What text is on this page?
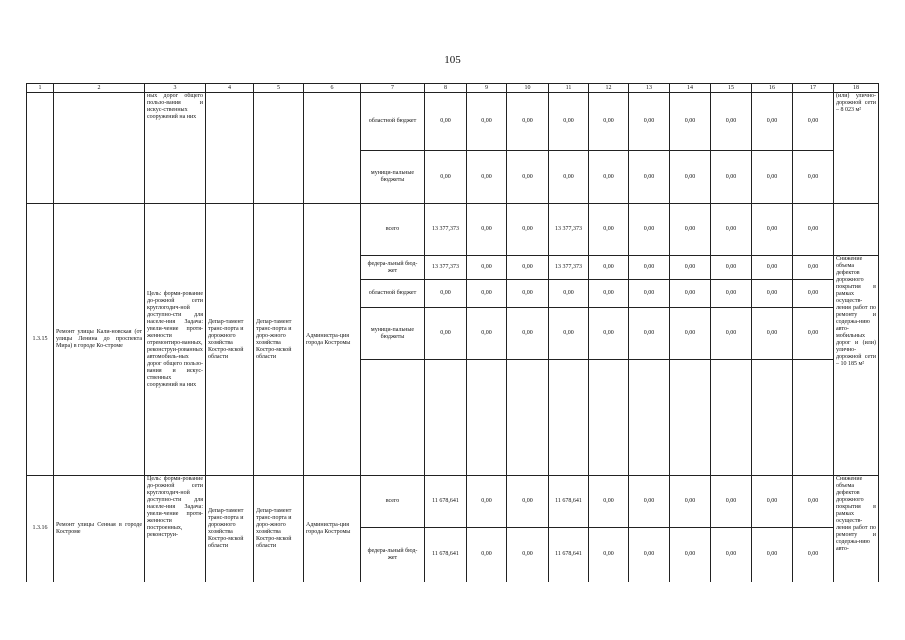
105
1	2	3	4	5	6	7	8	9	10	11	12	13	14	15	16	17	18
		ных дорог общего пользо-вания и искус-ственных сооружений на них				областной бюджет	0,00	0,00	0,00	0,00	0,00	0,00	0,00	0,00	0,00	0,00	(или) улично-дорожной сети – 8 023 м²
						муници-пальные бюджеты	0,00	0,00	0,00	0,00	0,00	0,00	0,00	0,00	0,00	0,00	
1.3.15	Ремонт улицы Кали-новская (от улицы Ленина до проспекта Мира) в городе Ко-строме	Цель: форми-рование до-рожной сети круглогодич-ной доступно-сти для населе-ния Задача: увели-чение протя-женности отремонтиро-ванных, реконструи-рованных автомобиль-ных дорог общего пользо-вания и искус-ственных сооружений на них	Депар-тамент транс-порта и дорожного хозяйства Костро-мской области	Депар-тамент транс-порта и доро-жного хозяйства Костро-мской области	Администра-ция города Костромы	всего	13 377,373	0,00	0,00	13 377,373	0,00	0,00	0,00	0,00	0,00	0,00	
						федера-льный бюд-жет	13 377,373	0,00	0,00	13 377,373	0,00	0,00	0,00	0,00	0,00	0,00	Снижение объема дефектов дорожного покрытия в рамках осуществ-ления работ по ремонту и содержа-нию авто-мобильных дорог и (или) улично-дорожной сети – 10 185 м²
						областной бюджет	0,00	0,00	0,00	0,00	0,00	0,00	0,00	0,00	0,00	0,00	
						муници-пальные бюджеты	0,00	0,00	0,00	0,00	0,00	0,00	0,00	0,00	0,00	0,00	

1.3.16	Ремонт улицы Сенная в городе Костроме	Цель: форми-рование до-рожной сети круглогодич-ной доступно-сти для населе-ния Задача: увели-чение протя-женности построенных, реконструи-	Депар-тамент транс-порта и дорожного хозяйства Костро-мской области	Депар-тамент транс-порта и доро-жного хозяйства Костро-мской области	Администра-ция города Костромы	всего	11 678,641	0,00	0,00	11 678,641	0,00	0,00	0,00	0,00	0,00	0,00	Снижение объема дефектов дорожного покрытия в рамках осуществ-ления работ по ремонту и содержа-нию авто-
						федера-льный бюд-жет	11 678,641	0,00	0,00	11 678,641	0,00	0,00	0,00	0,00	0,00	0,00	
